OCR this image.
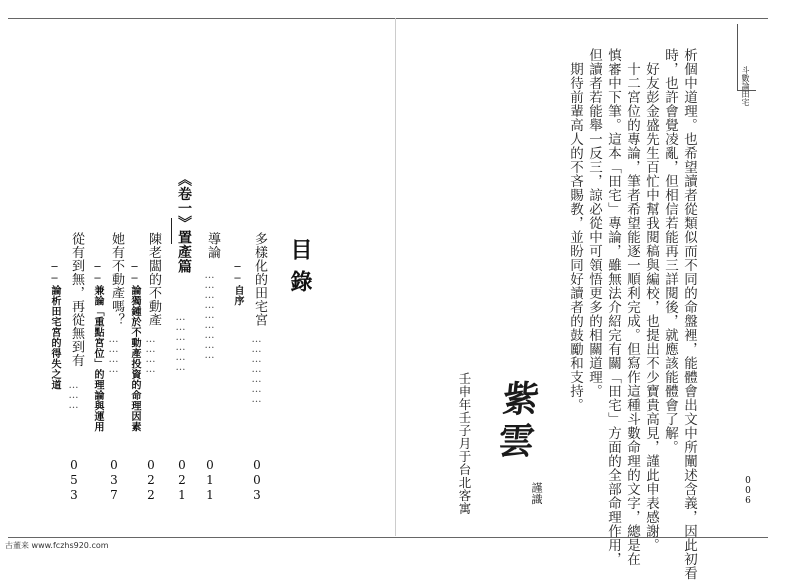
斗數論田宅
006
析個中道理。也希望讀者從類似而不同的命盤裡，能體會出文中所闡述含義，因此初看
時，也許會覺凌亂，但相信若能再三詳閱後，就應該能體會了解。
好友彭金盛先生百忙中幫我閱稿與編校，也提出不少寶貴高見，謹此申表感謝。
十二宮位的專論，筆者希望能逐一順利完成。但寫作這種斗數命理的文字，總是在
慎審中下筆。這本「田宅」專論，雖無法介紹完有關「田宅」方面的全部命理作用，
但讀者若能舉一反三，諒必從中可領悟更多的相關道理。
期待前輩高人的不吝賜教，並盼同好讀者的鼓勵和支持。
紫雲
壬申年壬子月于台北客寓	謹識
目錄
多樣化的田宅宮
…………………
003
──自序
導論
………………………
011
《卷一》置產篇
………………
021
陳老闆的不動產
…………
022
──論獨鍾於不動產投資的命理因素
她有不動產嗎？
…………
037
──兼論「重點宮位」的理論與運用
從有到無，再從無到有
………
053
──論析田宅宮的得失之道
古董来 www.fczhs920.com
